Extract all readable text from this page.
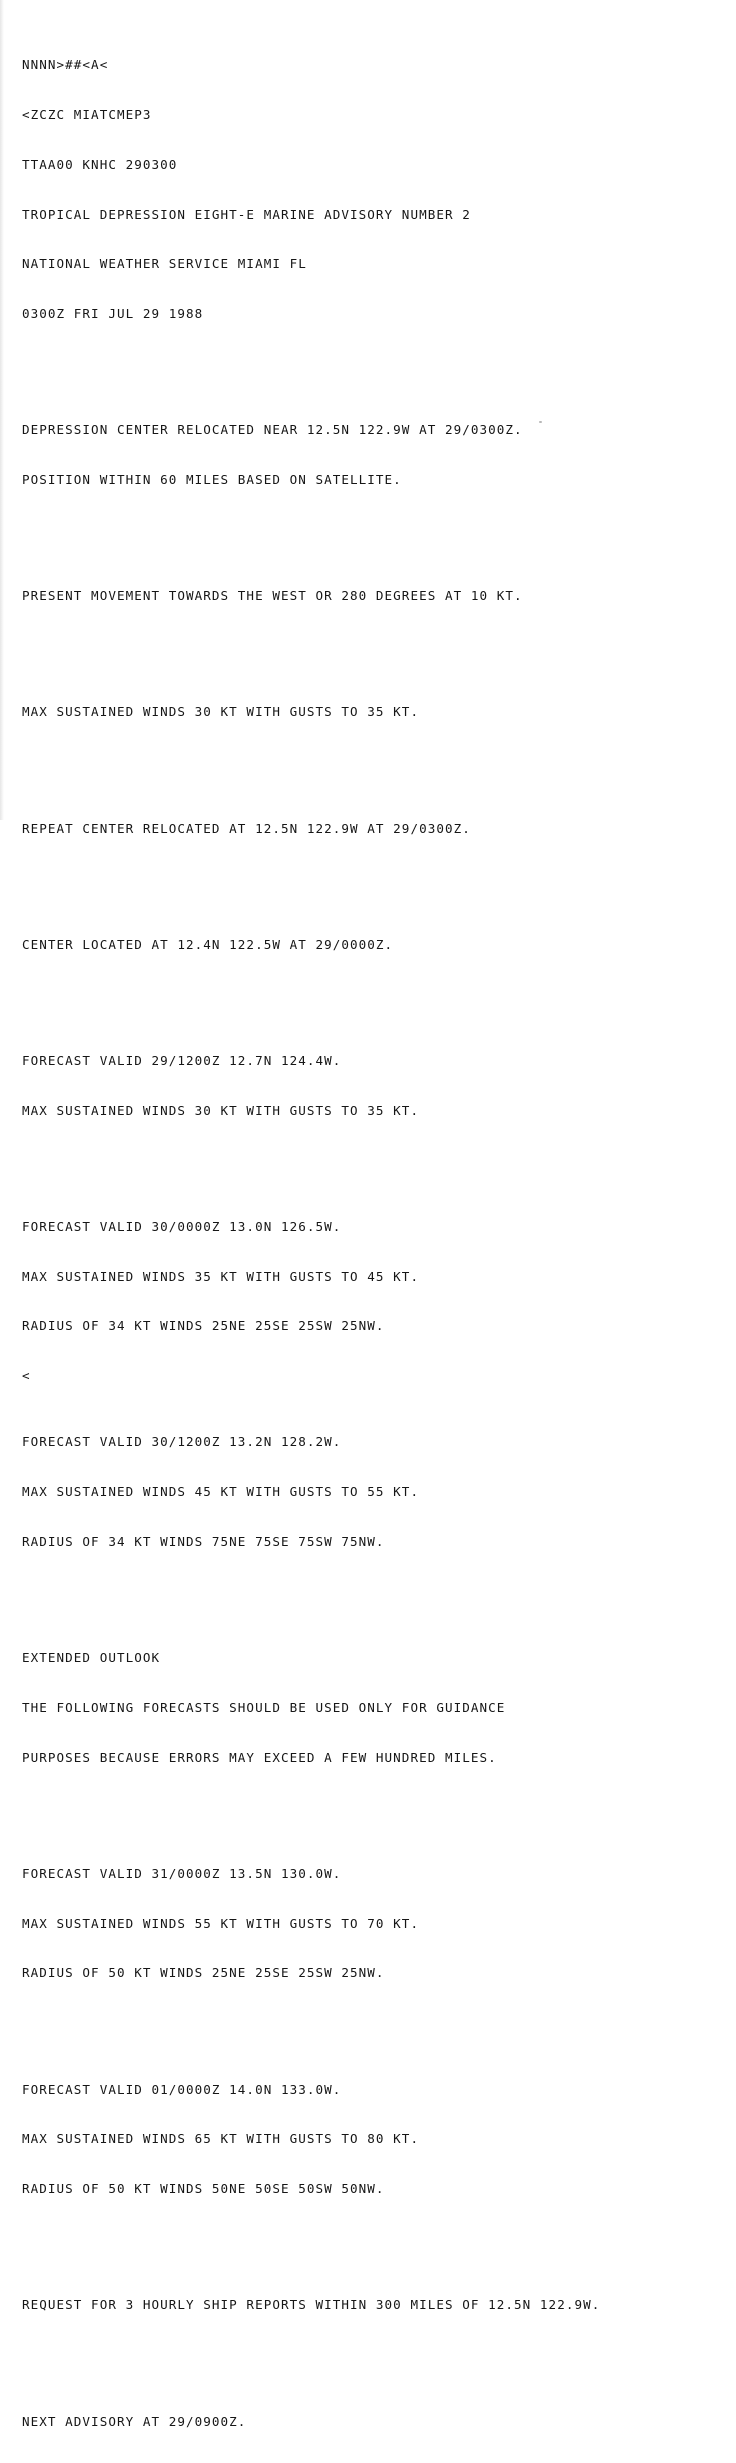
NNNN>##<A<

<ZCZC MIATCMEP3

TTAA00 KNHC 290300

TROPICAL DEPRESSION EIGHT-E MARINE ADVISORY NUMBER 2

NATIONAL WEATHER SERVICE MIAMI FL

0300Z FRI JUL 29 1988

DEPRESSION CENTER RELOCATED NEAR 12.5N 122.9W AT 29/0300Z.

POSITION WITHIN 60 MILES BASED ON SATELLITE.

PRESENT MOVEMENT TOWARDS THE WEST OR 280 DEGREES AT 10 KT.

MAX SUSTAINED WINDS 30 KT WITH GUSTS TO 35 KT.

REPEAT CENTER RELOCATED AT 12.5N 122.9W AT 29/0300Z.

CENTER LOCATED AT 12.4N 122.5W AT 29/0000Z.

FORECAST VALID 29/1200Z 12.7N 124.4W.

MAX SUSTAINED WINDS 30 KT WITH GUSTS TO 35 KT.

FORECAST VALID 30/0000Z 13.0N 126.5W.

MAX SUSTAINED WINDS 35 KT WITH GUSTS TO 45 KT.

RADIUS OF 34 KT WINDS 25NE 25SE 25SW 25NW.

<

FORECAST VALID 30/1200Z 13.2N 128.2W.

MAX SUSTAINED WINDS 45 KT WITH GUSTS TO 55 KT.

RADIUS OF 34 KT WINDS 75NE 75SE 75SW 75NW.

EXTENDED OUTLOOK

THE FOLLOWING FORECASTS SHOULD BE USED ONLY FOR GUIDANCE

PURPOSES BECAUSE ERRORS MAY EXCEED A FEW HUNDRED MILES.

FORECAST VALID 31/0000Z 13.5N 130.0W.

MAX SUSTAINED WINDS 55 KT WITH GUSTS TO 70 KT.

RADIUS OF 50 KT WINDS 25NE 25SE 25SW 25NW.

FORECAST VALID 01/0000Z 14.0N 133.0W.

MAX SUSTAINED WINDS 65 KT WITH GUSTS TO 80 KT.

RADIUS OF 50 KT WINDS 50NE 50SE 50SW 50NW.

REQUEST FOR 3 HOURLY SHIP REPORTS WITHIN 300 MILES OF 12.5N 122.9W.

NEXT ADVISORY AT 29/0900Z.
